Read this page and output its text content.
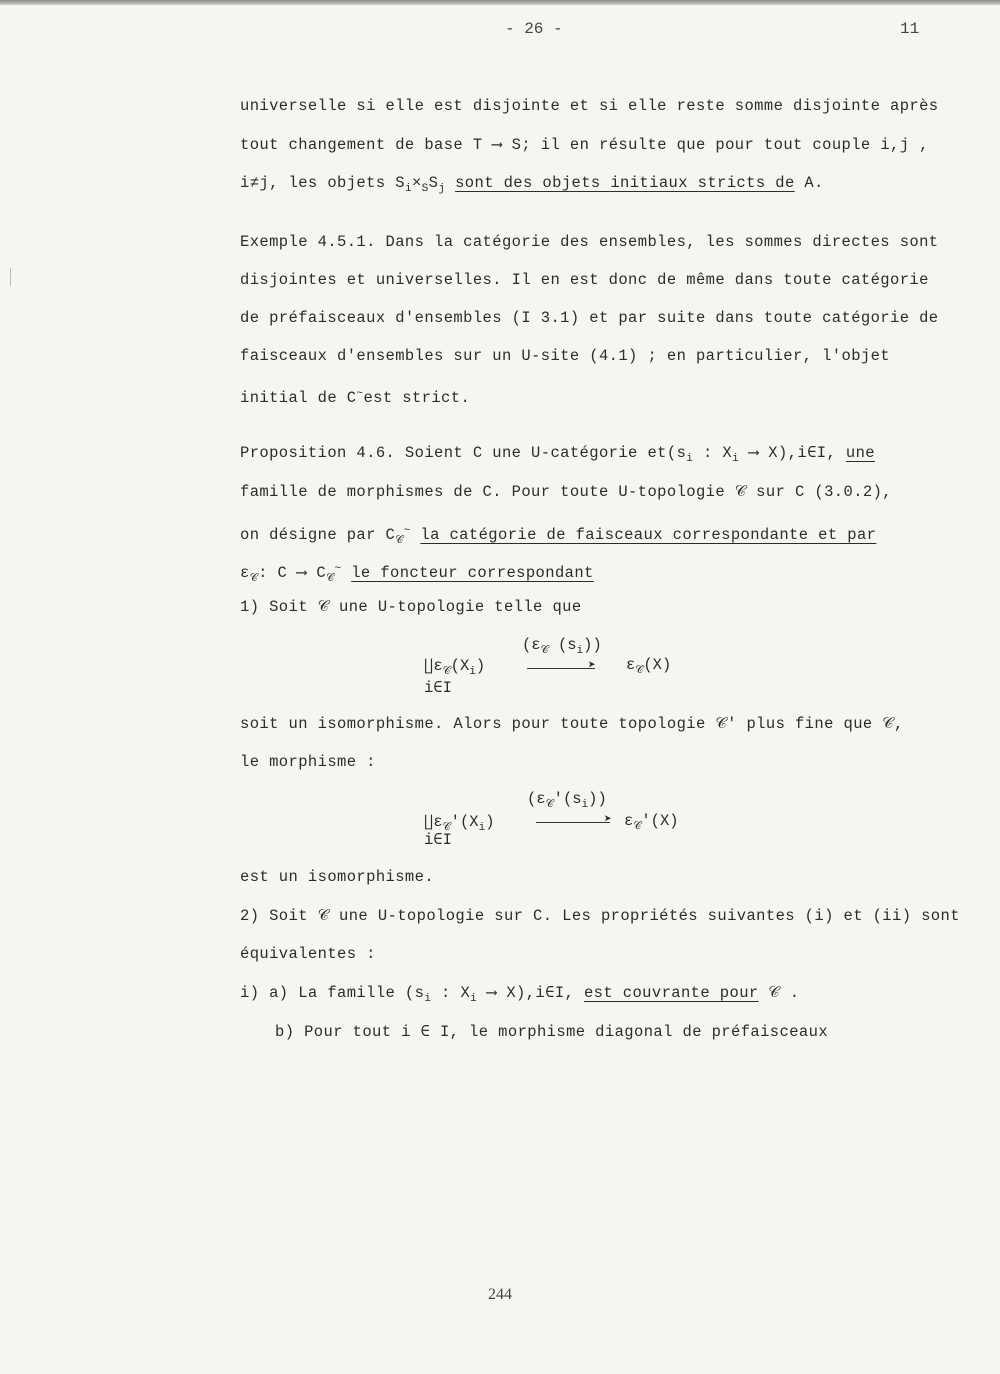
- 26 -	11
universelle si elle est disjointe et si elle reste somme disjointe après
tout changement de base T ⟶ S; il en résulte que pour tout couple i,j ,
i≠j, les objets $S_i\times_SS_j$ sont des objets initiaux stricts de A.
Exemple 4.5.1. Dans la catégorie des ensembles, les sommes directes sont
disjointes et universelles. Il en est donc de même dans toute catégorie
de préfaisceaux d'ensembles (I 3.1) et par suite dans toute catégorie de
faisceaux d'ensembles sur un U-site (4.1) ; en particulier, l'objet
initial de C~est strict.
Proposition 4.6. Soient C une U-catégorie $et(s_i$ : $X_i$ ⟶ X),i∈I, une
famille de morphismes de C. Pour toute U-topologie 𝒞 sur C (3.0.2),
on désigne par $C_𝒞^\sim$ la catégorie de faisceaux correspondante et par
$\varepsilon_𝒞$: C ⟶ $C_𝒞^\sim$ le foncteur correspondant
1) Soit 𝒞 une U-topologie telle que
($\varepsilon_𝒞$ $(s_i)$)
$∐\varepsilon_𝒞(X_i)$	➤ $\varepsilon_𝒞(X)$
i∈I
soit un isomorphisme. Alors pour toute topologie 𝒞' plus fine que 𝒞,
le morphisme :
$(\varepsilon_𝒞'(s_i))$
$∐\varepsilon_𝒞'(X_i)$	➤ $\varepsilon_𝒞'(X)$
i∈I
est un isomorphisme.
2) Soit 𝒞 une U-topologie sur C. Les propriétés suivantes (i) et (ii) sont
équivalentes :
i) a) La famille ($s_i$ : $X_i$ ⟶ X),i∈I, est couvrante pour 𝒞 .
b) Pour tout i ∈ I, le morphisme diagonal de préfaisceaux
244
